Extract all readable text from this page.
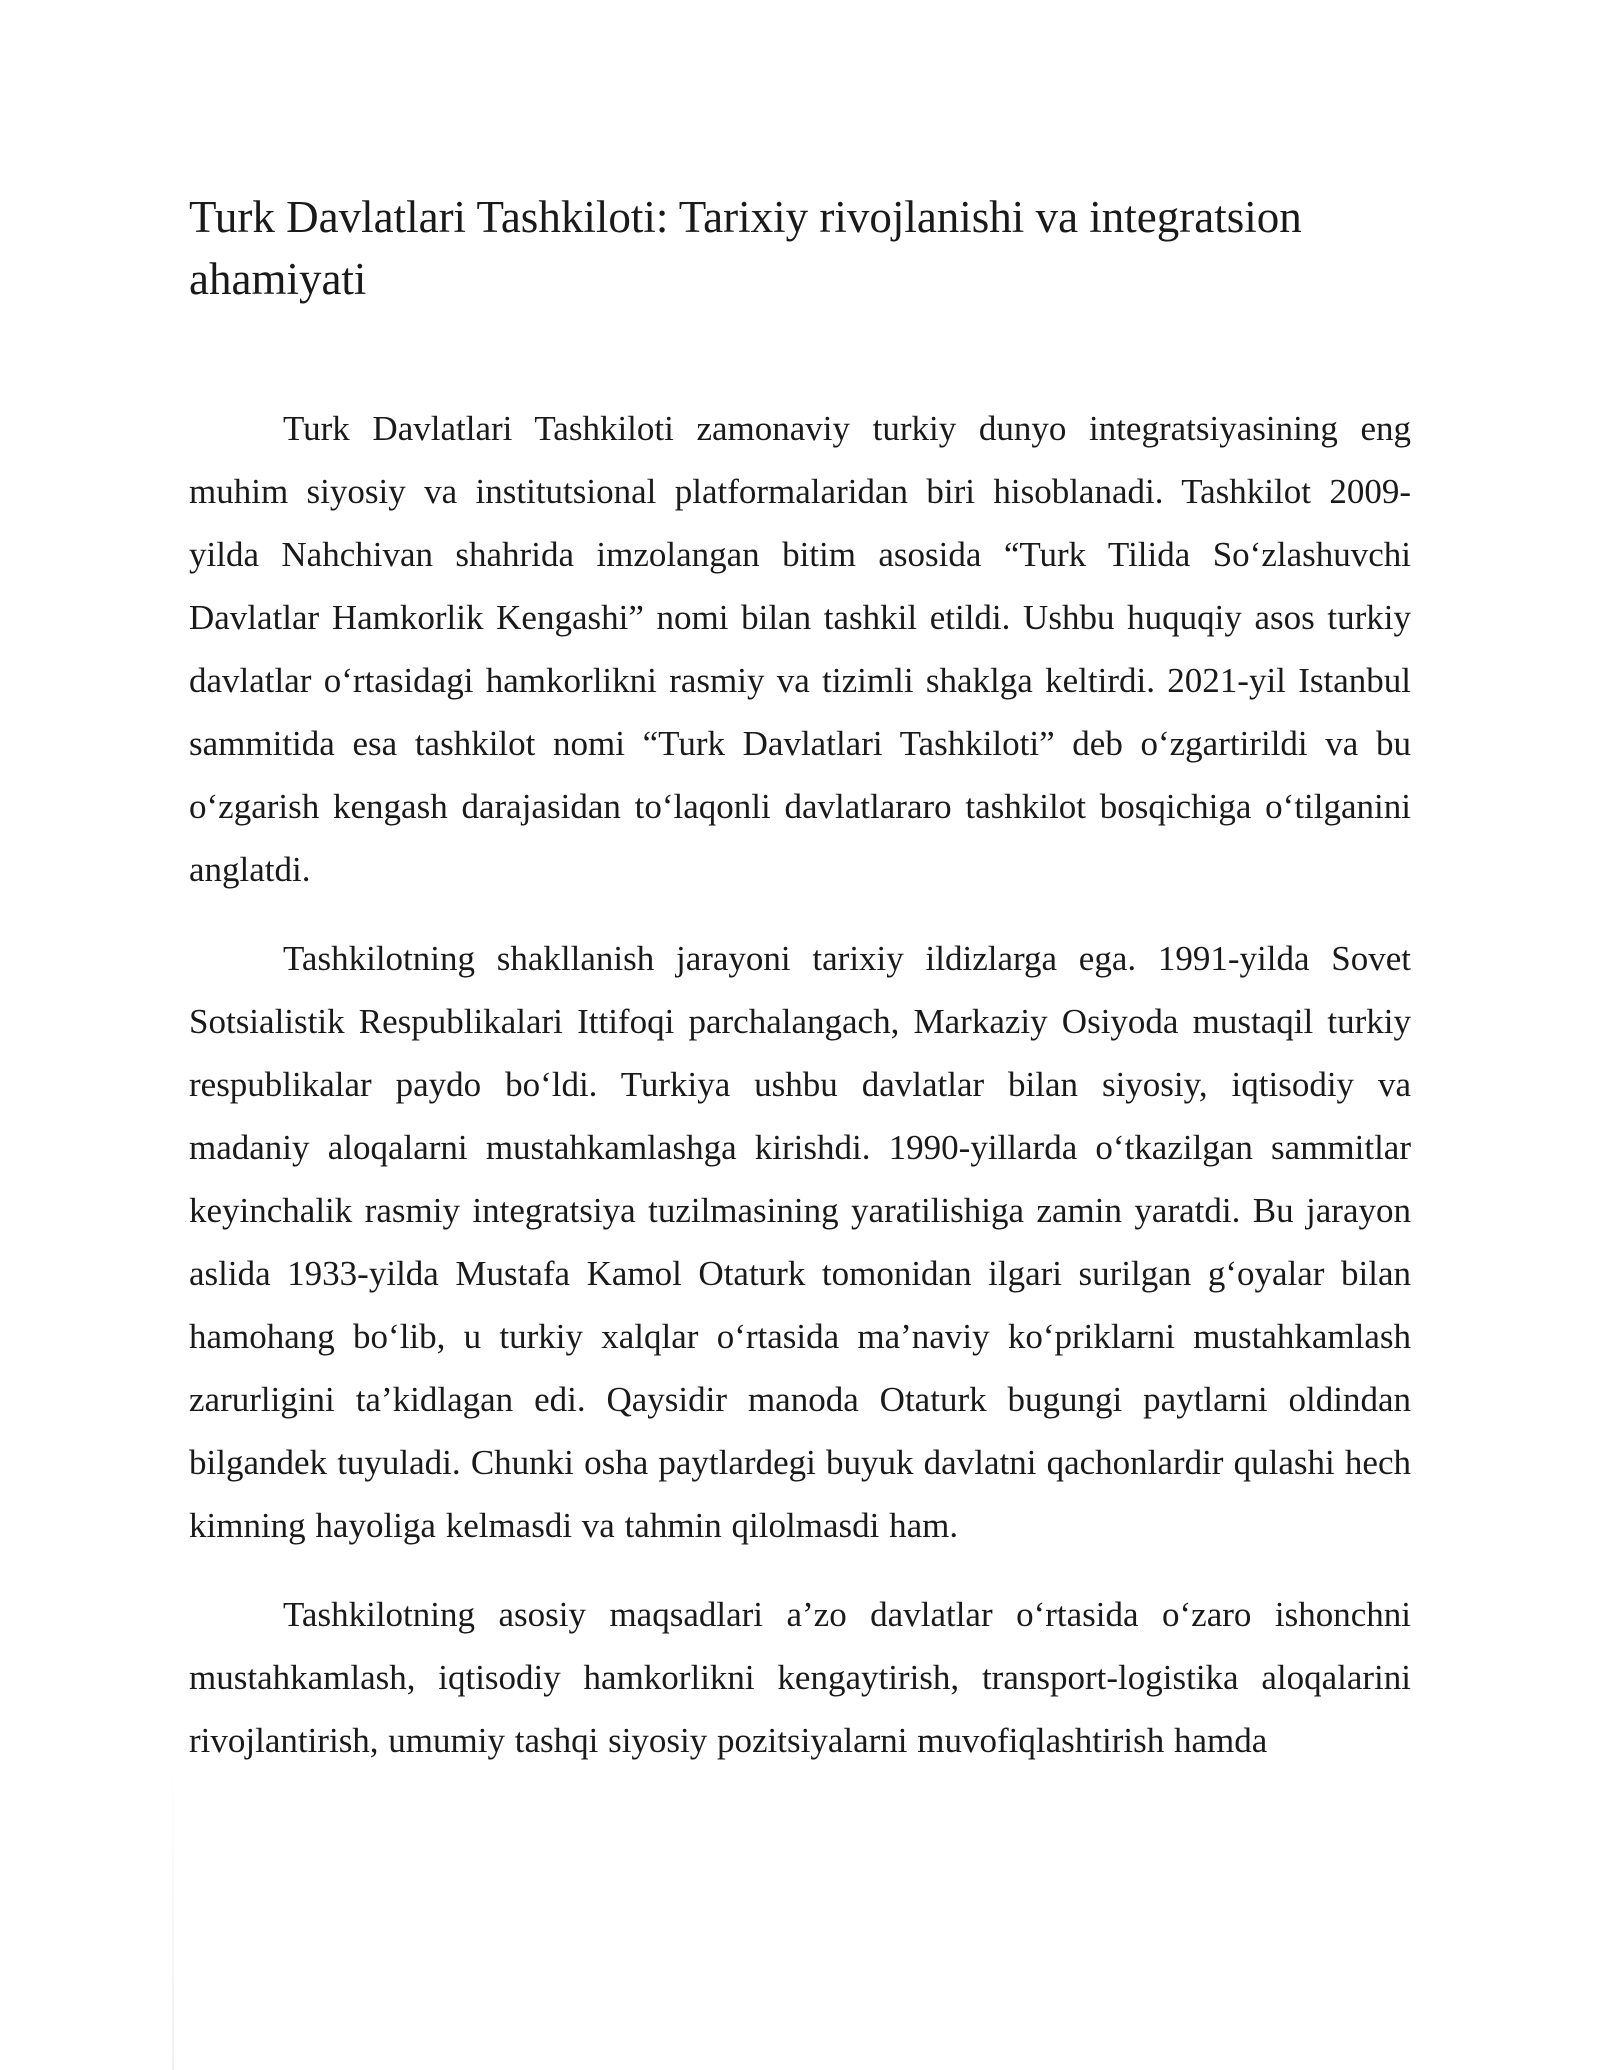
Turk Davlatlari Tashkiloti: Tarixiy rivojlanishi va integratsion ahamiyati

Turk Davlatlari Tashkiloti zamonaviy turkiy dunyo integratsiyasining eng muhim siyosiy va institutsional platformalaridan biri hisoblanadi. Tashkilot 2009-yilda Nahchivan shahrida imzolangan bitim asosida “Turk Tilida So‘zlashuvchi Davlatlar Hamkorlik Kengashi” nomi bilan tashkil etildi. Ushbu huquqiy asos turkiy davlatlar o‘rtasidagi hamkorlikni rasmiy va tizimli shaklga keltirdi. 2021-yil Istanbul sammitida esa tashkilot nomi “Turk Davlatlari Tashkiloti” deb o‘zgartirildi va bu o‘zgarish kengash darajasidan to‘laqonli davlatlararo tashkilot bosqichiga o‘tilganini anglatdi.

Tashkilotning shakllanish jarayoni tarixiy ildizlarga ega. 1991-yilda Sovet Sotsialistik Respublikalari Ittifoqi parchalangach, Markaziy Osiyoda mustaqil turkiy respublikalar paydo bo‘ldi. Turkiya ushbu davlatlar bilan siyosiy, iqtisodiy va madaniy aloqalarni mustahkamlashga kirishdi. 1990-yillarda o‘tkazilgan sammitlar keyinchalik rasmiy integratsiya tuzilmasining yaratilishiga zamin yaratdi. Bu jarayon aslida 1933-yilda Mustafa Kamol Otaturk tomonidan ilgari surilgan g‘oyalar bilan hamohang bo‘lib, u turkiy xalqlar o‘rtasida ma’naviy ko‘priklarni mustahkamlash zarurligini ta’kidlagan edi. Qaysidir manoda Otaturk bugungi paytlarni oldindan bilgandek tuyuladi. Chunki osha paytlardegi buyuk davlatni qachonlardir qulashi hech kimning hayoliga kelmasdi va tahmin qilolmasdi ham.

Tashkilotning asosiy maqsadlari a’zo davlatlar o‘rtasida o‘zaro ishonchni mustahkamlash, iqtisodiy hamkorlikni kengaytirish, transport-logistika aloqalarini rivojlantirish, umumiy tashqi siyosiy pozitsiyalarni muvofiqlashtirish hamda
